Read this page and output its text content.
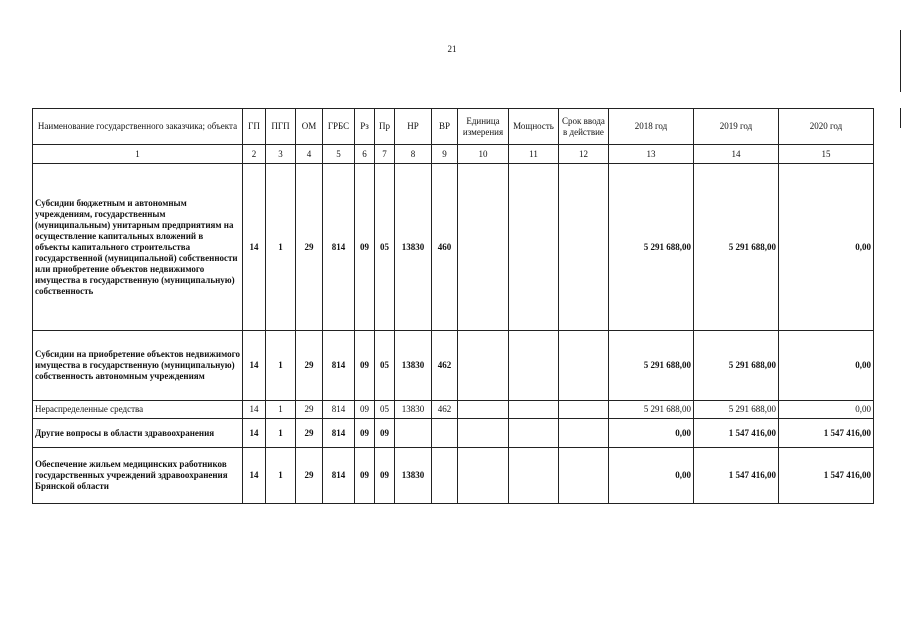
21
Наименование государственного заказчика; объекта	ГП	ПГП	ОМ	ГРБС	Рз	Пр	НР	ВР	Единица измерения	Мощность	Срок ввода в действие	2018 год	2019 год	2020 год
1	2	3	4	5	6	7	8	9	10	11	12	13	14	15
Субсидии бюджетным и автономным учреждениям, государственным (муниципальным) унитарным предприятиям на осуществление капитальных вложений в объекты капитального строительства государственной (муниципальной) собственности или приобретение объектов недвижимого имущества в государственную (муниципальную) собственность	14	1	29	814	09	05	13830	460				5 291 688,00	5 291 688,00	0,00
Субсидии на приобретение объектов недвижимого имущества в государственную (муниципальную) собственность автономным учреждениям	14	1	29	814	09	05	13830	462				5 291 688,00	5 291 688,00	0,00
Нераспределенные средства	14	1	29	814	09	05	13830	462				5 291 688,00	5 291 688,00	0,00
Другие вопросы в области здравоохранения	14	1	29	814	09	09						0,00	1 547 416,00	1 547 416,00
Обеспечение жильем медицинских работников государственных учреждений здравоохранения Брянской области	14	1	29	814	09	09	13830					0,00	1 547 416,00	1 547 416,00
